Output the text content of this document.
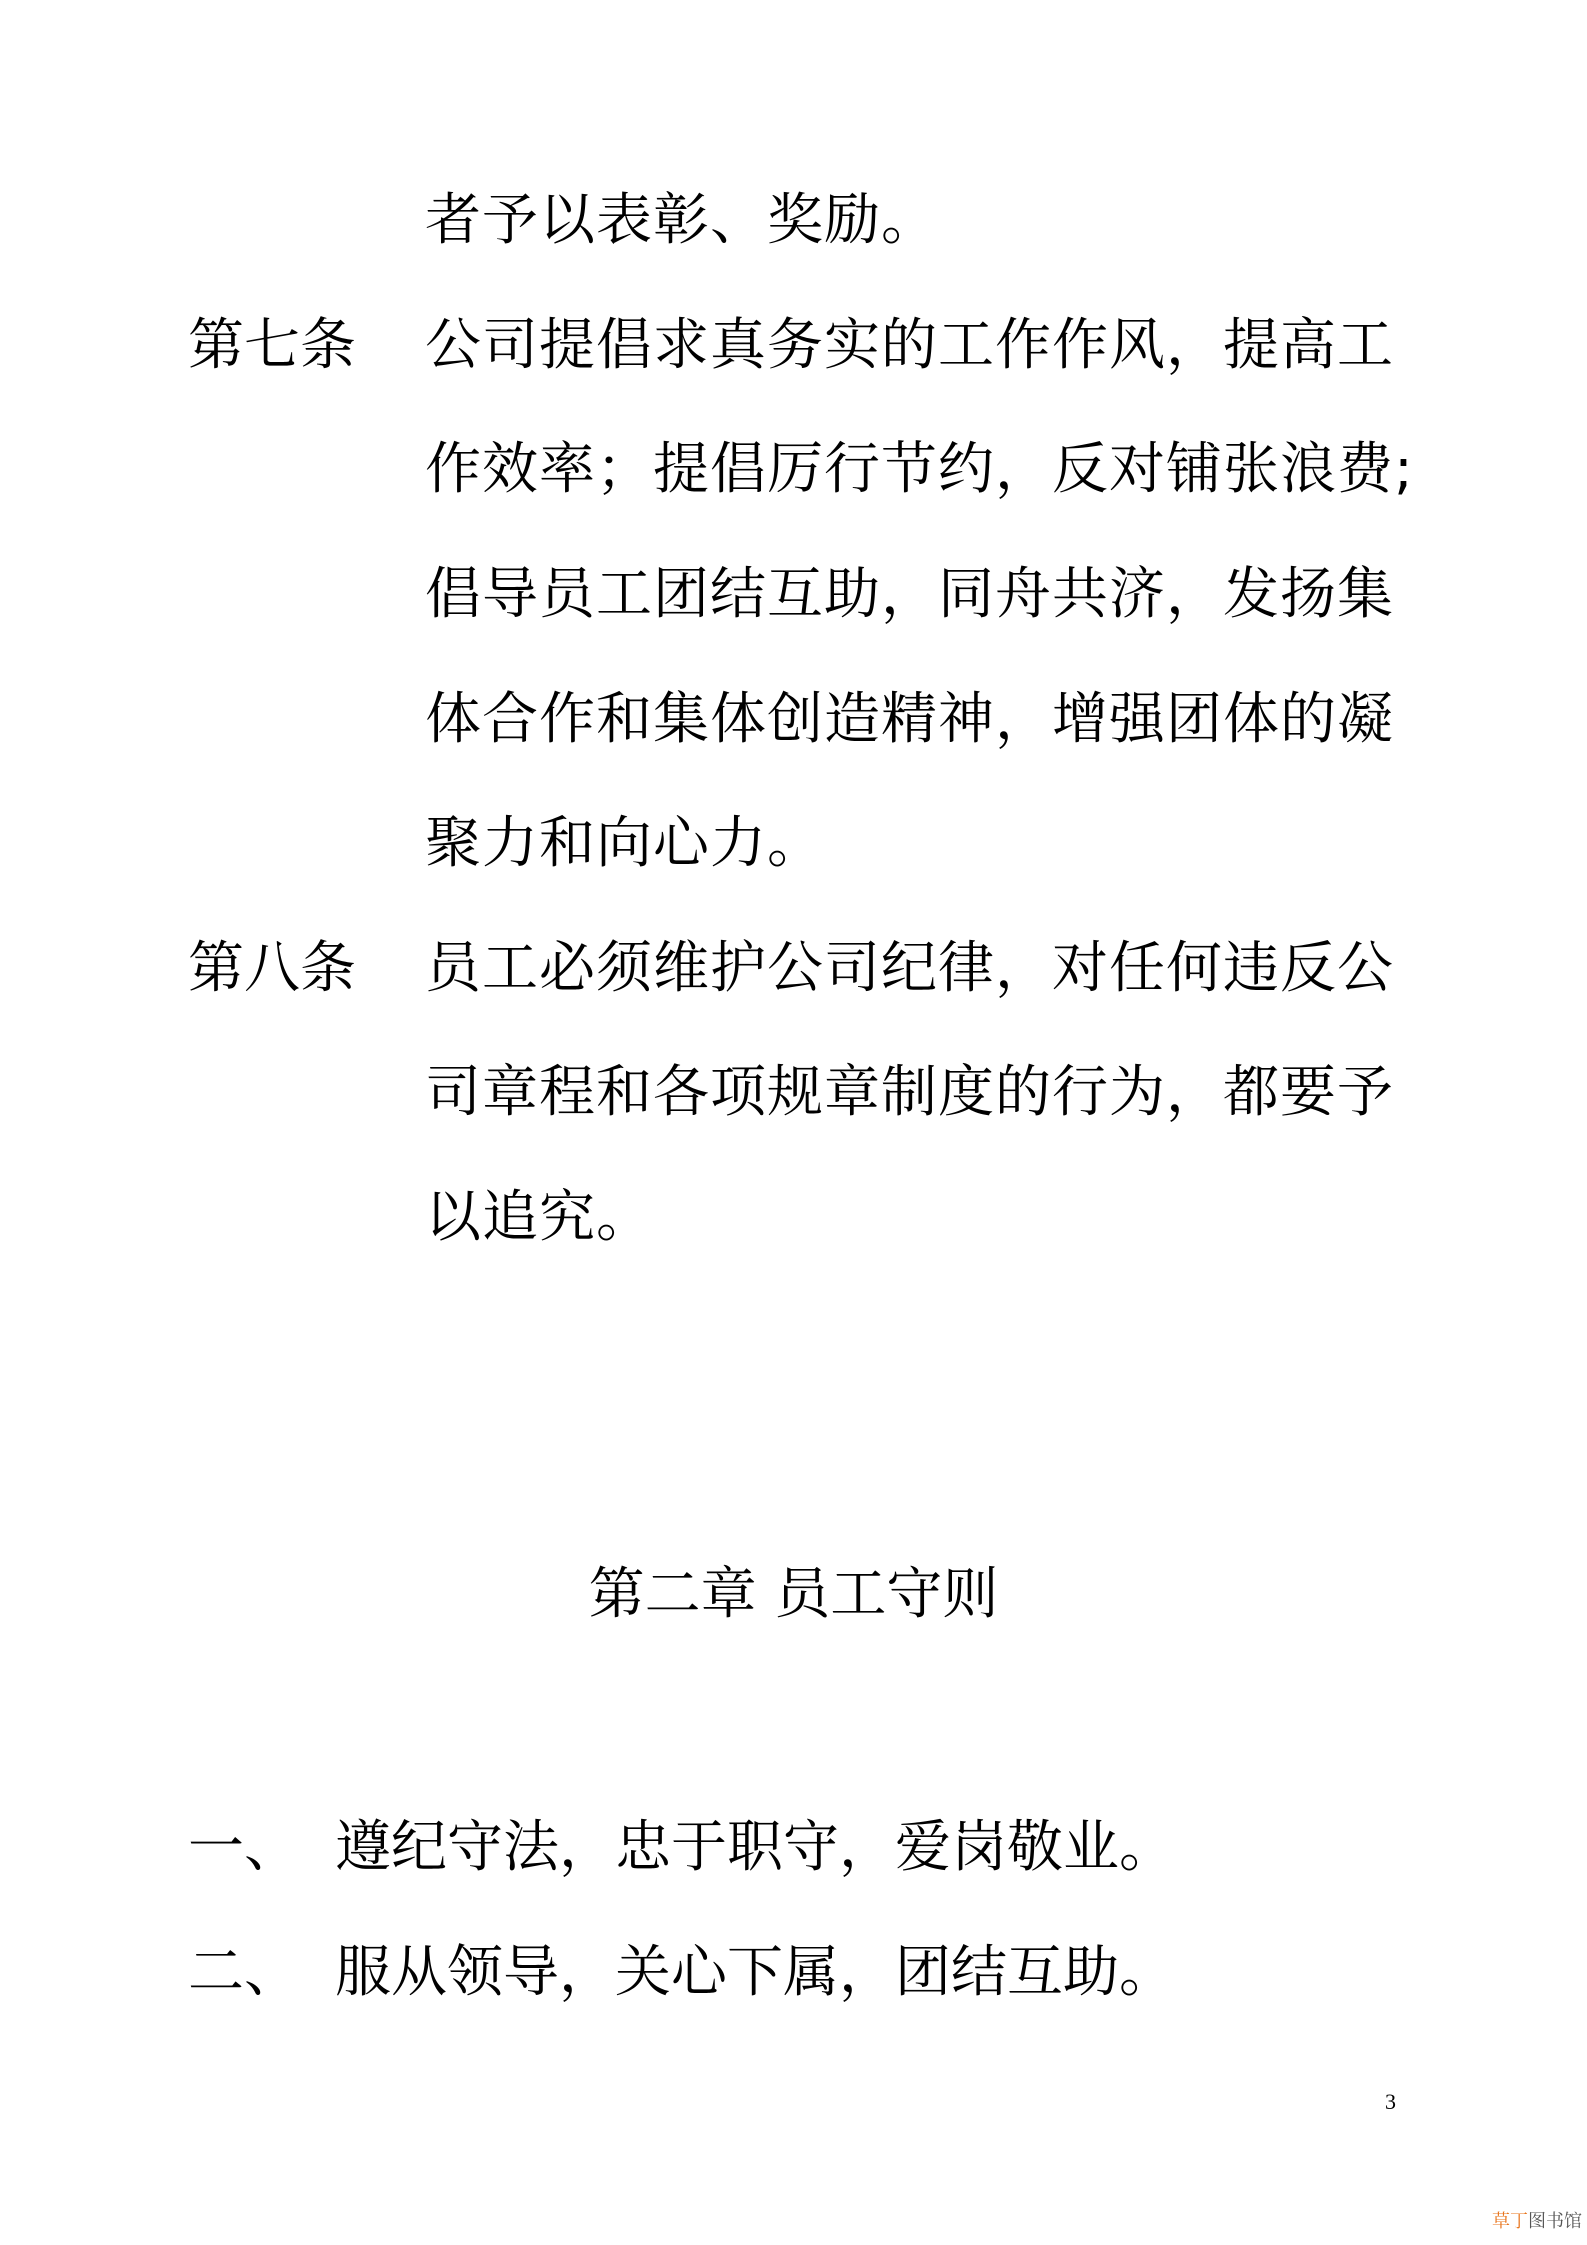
者予以表彰、奖励。
第七条 公司提倡求真务实的工作作风，提高工
作效率；提倡厉行节约，反对铺张浪费;
倡导员工团结互助，同舟共济，发扬集
体合作和集体创造精神，增强团体的凝
聚力和向心力。
第八条 员工必须维护公司纪律，对任何违反公
司章程和各项规章制度的行为，都要予
以追究。
第二章 员工守则
一、 遵纪守法，忠于职守，爱岗敬业。
二、 服从领导，关心下属，团结互助。
3
草丁图书馆
